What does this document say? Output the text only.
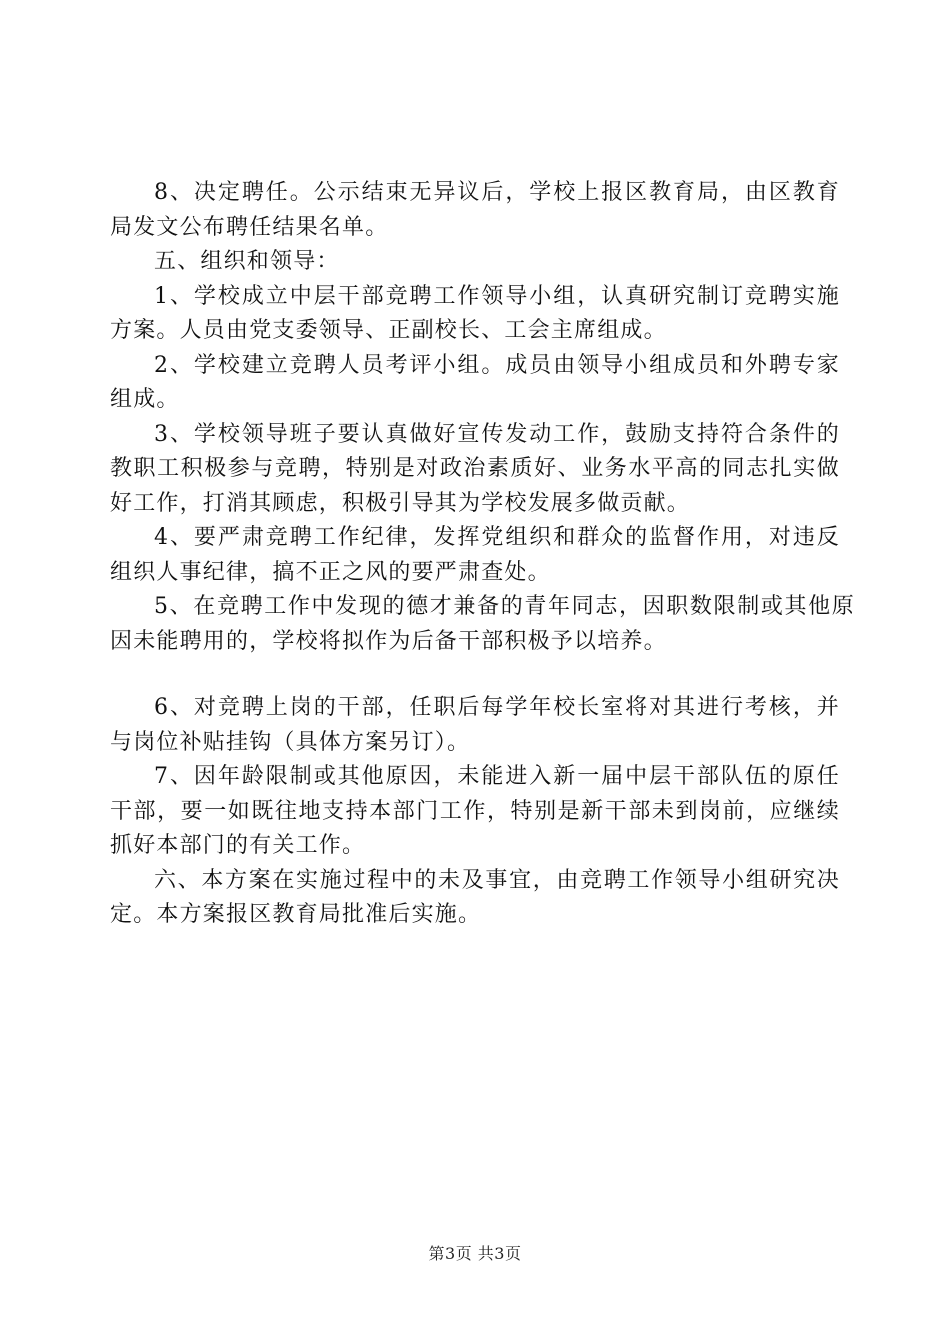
8、决定聘任。公示结束无异议后，学校上报区教育局，由区教育局发文公布聘任结果名单。

五、组织和领导：

1、学校成立中层干部竞聘工作领导小组，认真研究制订竞聘实施方案。人员由党支委领导、正副校长、工会主席组成。

2、学校建立竞聘人员考评小组。成员由领导小组成员和外聘专家组成。

3、学校领导班子要认真做好宣传发动工作，鼓励支持符合条件的教职工积极参与竞聘，特别是对政治素质好、业务水平高的同志扎实做好工作，打消其顾虑，积极引导其为学校发展多做贡献。

4、要严肃竞聘工作纪律，发挥党组织和群众的监督作用，对违反组织人事纪律，搞不正之风的要严肃查处。

5、在竞聘工作中发现的德才兼备的青年同志，因职数限制或其他原因未能聘用的，学校将拟作为后备干部积极予以培养。

6、对竞聘上岗的干部，任职后每学年校长室将对其进行考核，并与岗位补贴挂钩（具体方案另订）。

7、因年龄限制或其他原因，未能进入新一届中层干部队伍的原任干部，要一如既往地支持本部门工作，特别是新干部未到岗前，应继续抓好本部门的有关工作。

六、本方案在实施过程中的未及事宜，由竞聘工作领导小组研究决定。本方案报区教育局批准后实施。

第3页 共3页
